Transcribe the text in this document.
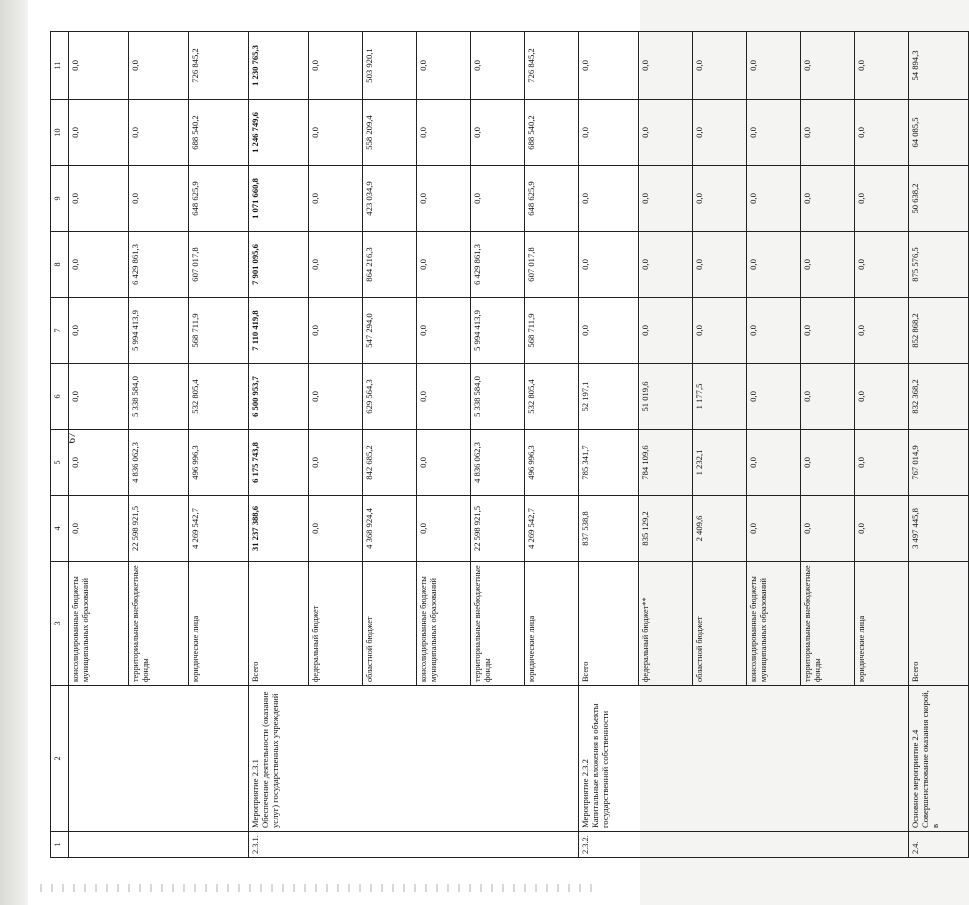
67
1	2	3	4	5	6	7	8	9	10	11
		консолидированные бюджеты муниципальных образований	0,0	0,0	0,0	0,0	0,0	0,0	0,0	0,0
		территориальные внебюджетные фонды	22 598 921,5	4 836 062,3	5 338 584,0	5 994 413,9	6 429 861,3	0,0	0,0	0,0
		юридические лица	4 269 542,7	496 996,3	532 805,4	568 711,9	607 017,8	648 625,9	688 540,2	726 845,2
2.3.1.	Мероприятие 2.3.1 Обеспечение деятельности (оказание услуг) государственных учреждений	Всего	31 237 388,6	6 175 743,8	6 500 953,7	7 110 419,8	7 901 095,6	1 071 660,8	1 246 749,6	1 230 765,3
		федеральный бюджет	0,0	0,0	0,0	0,0	0,0	0,0	0,0	0,0
		областной бюджет	4 368 924,4	842 685,2	629 564,3	547 294,0	864 216,3	423 034,9	558 209,4	503 920,1
		консолидированные бюджеты муниципальных образований	0,0	0,0	0,0	0,0	0,0	0,0	0,0	0,0
		территориальные внебюджетные фонды	22 598 921,5	4 836 062,3	5 338 584,0	5 994 413,9	6 429 861,3	0,0	0,0	0,0
		юридические лица	4 269 542,7	496 996,3	532 805,4	568 711,9	607 017,8	648 625,9	688 540,2	726 845,2
2.3.2.	Мероприятие 2.3.2 Капитальные вложения в объекты государственной собственности	Всего	837 538,8	785 341,7	52 197,1	0,0	0,0	0,0	0,0	0,0
		федеральный бюджет**	835 129,2	784 109,6	51 019,6	0,0	0,0	0,0	0,0	0,0
		областной бюджет	2 409,6	1 232,1	1 177,5	0,0	0,0	0,0	0,0	0,0
		консолидированные бюджеты муниципальных образований	0,0	0,0	0,0	0,0	0,0	0,0	0,0	0,0
		территориальные внебюджетные фонды	0,0	0,0	0,0	0,0	0,0	0,0	0,0	0,0
		юридические лица	0,0	0,0	0,0	0,0	0,0	0,0	0,0	0,0
2.4.	Основное мероприятие 2.4 Совершенствование оказания скорой, в	Всего	3 497 445,8	767 014,9	832 368,2	852 868,2	875 576,5	50 638,2	64 085,5	54 894,3
